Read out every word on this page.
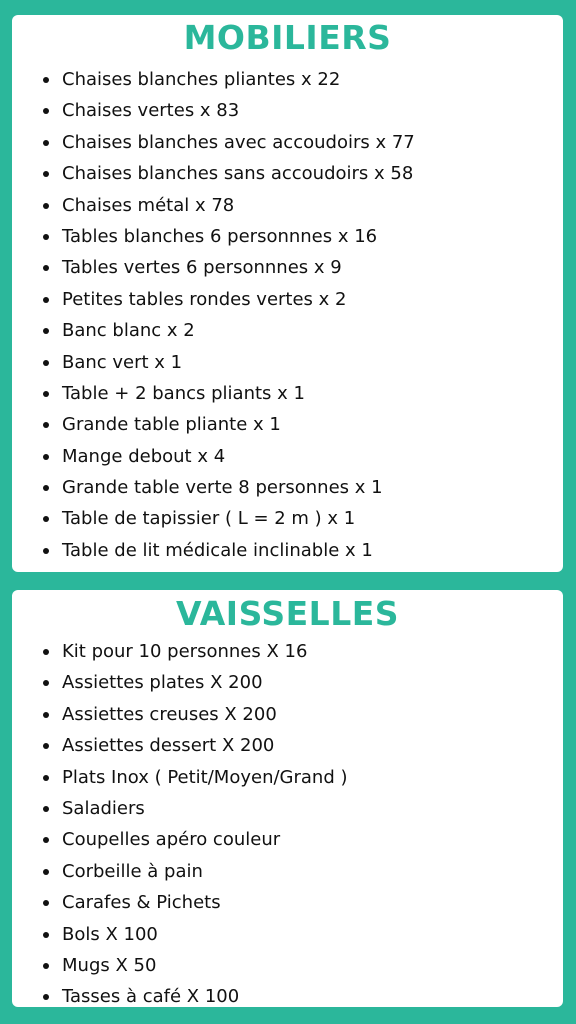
MOBILIERS
Chaises blanches pliantes x 22
Chaises vertes x 83
Chaises blanches avec accoudoirs x 77
Chaises blanches sans accoudoirs x 58
Chaises métal x 78
Tables blanches 6 personnnes x 16
Tables vertes 6 personnnes x 9
Petites tables rondes vertes x 2
Banc blanc x 2
Banc vert x 1
Table + 2 bancs pliants x 1
Grande table pliante x 1
Mange debout x 4
Grande table verte 8 personnes x 1
Table de tapissier ( L = 2 m ) x 1
Table de lit médicale inclinable x 1
VAISSELLES
Kit pour 10 personnes X 16
Assiettes plates X 200
Assiettes creuses X 200
Assiettes dessert X 200
Plats Inox ( Petit/Moyen/Grand )
Saladiers
Coupelles apéro couleur
Corbeille à pain
Carafes & Pichets
Bols X 100
Mugs X 50
Tasses à café X 100
